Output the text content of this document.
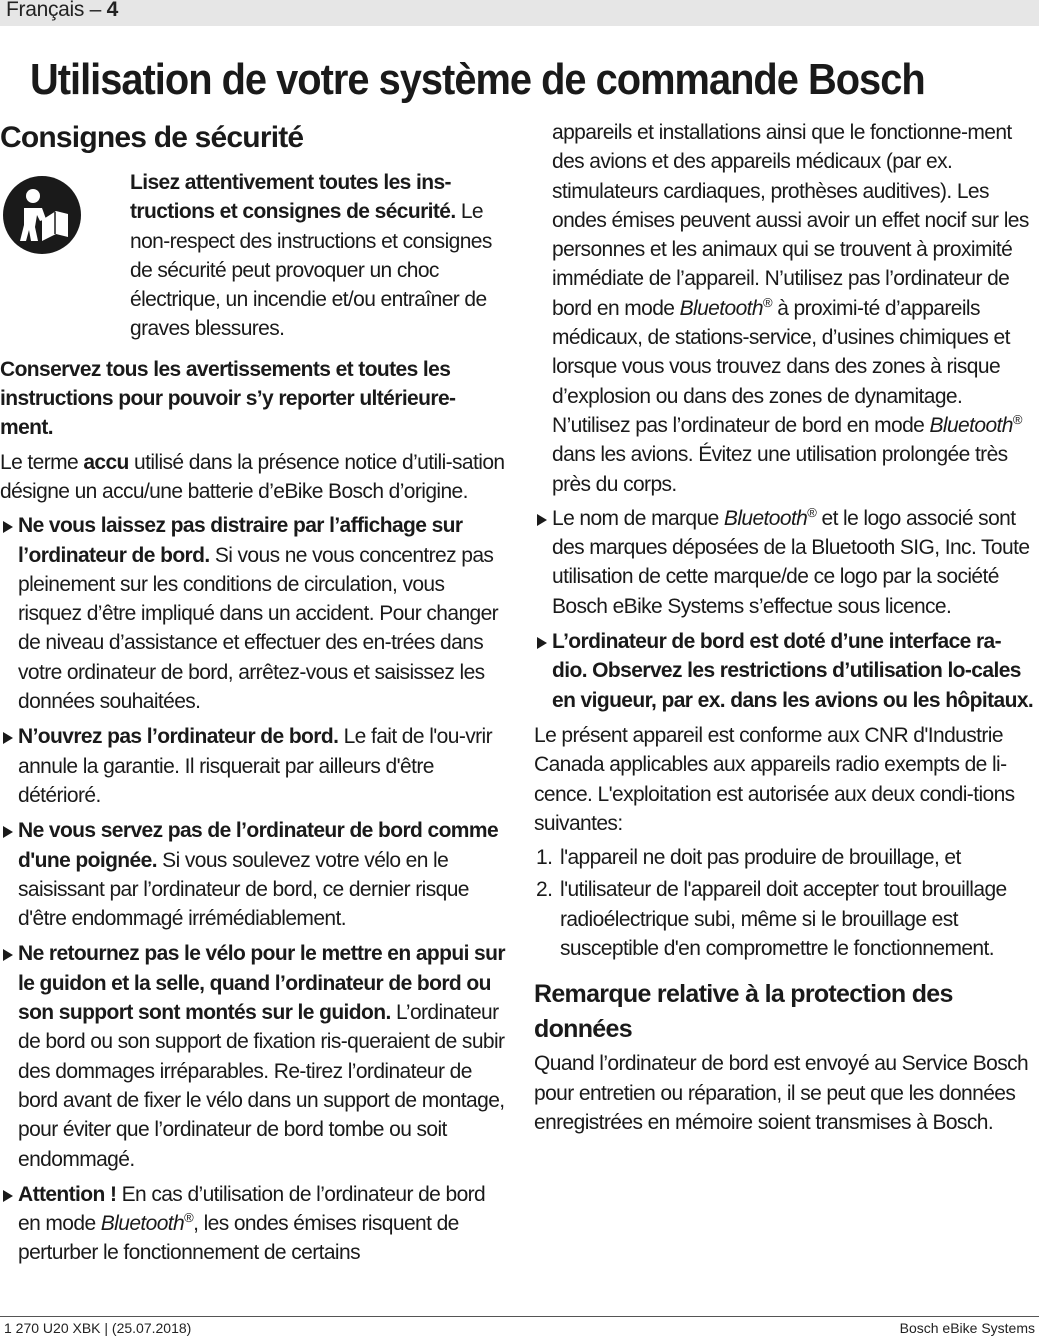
Français – 4
Utilisation de votre système de commande Bosch
Consignes de sécurité

Lisez attentivement toutes les ins-tructions et consignes de sécurité. Le non-respect des instructions et consignes de sécurité peut provoquer un choc électrique, un incendie et/ou entraîner de graves blessures.

Conservez tous les avertissements et toutes les instructions pour pouvoir s’y reporter ultérieure-ment.

Le terme accu utilisé dans la présence notice d’utili-sation désigne un accu/une batterie d’eBike Bosch d’origine.

Ne vous laissez pas distraire par l’affichage sur l’ordinateur de bord. Si vous ne vous concentrez pas pleinement sur les conditions de circulation, vous risquez d’être impliqué dans un accident. Pour changer de niveau d’assistance et effectuer des en-trées dans votre ordinateur de bord, arrêtez-vous et saisissez les données souhaitées.
N’ouvrez pas l’ordinateur de bord. Le fait de l'ou-vrir annule la garantie. Il risquerait par ailleurs d'être détérioré.
Ne vous servez pas de l’ordinateur de bord comme d'une poignée. Si vous soulevez votre vélo en le saisissant par l’ordinateur de bord, ce dernier risque d'être endommagé irrémédiablement.
Ne retournez pas le vélo pour le mettre en appui sur le guidon et la selle, quand l’ordinateur de bord ou son support sont montés sur le guidon. L’ordinateur de bord ou son support de fixation ris-queraient de subir des dommages irréparables. Re-tirez l’ordinateur de bord avant de fixer le vélo dans un support de montage, pour éviter que l’ordinateur de bord tombe ou soit endommagé.
Attention ! En cas d’utilisation de l’ordinateur de bord en mode Bluetooth®, les ondes émises risquent de perturber le fonctionnement de certains

appareils et installations ainsi que le fonctionne-ment des avions et des appareils médicaux (par ex. stimulateurs cardiaques, prothèses auditives). Les ondes émises peuvent aussi avoir un effet nocif sur les personnes et les animaux qui se trouvent à proximité immédiate de l’appareil. N’utilisez pas l’ordinateur de bord en mode Bluetooth® à proximi-té d’appareils médicaux, de stations-service, d’usines chimiques et lorsque vous vous trouvez dans des zones à risque d’explosion ou dans des zones de dynamitage. N’utilisez pas l’ordinateur de bord en mode Bluetooth® dans les avions. Évitez une utilisation prolongée très près du corps.

Le nom de marque Bluetooth® et le logo associé sont des marques déposées de la Bluetooth SIG, Inc. Toute utilisation de cette marque/de ce logo par la société Bosch eBike Systems s’effectue sous licence.
L’ordinateur de bord est doté d’une interface ra-dio. Observez les restrictions d’utilisation lo-cales en vigueur, par ex. dans les avions ou les hôpitaux.

Le présent appareil est conforme aux CNR d'Industrie Canada applicables aux appareils radio exempts de li-cence. L'exploitation est autorisée aux deux condi-tions suivantes:

1. l'appareil ne doit pas produire de brouillage, et
2. l'utilisateur de l'appareil doit accepter tout brouillage radioélectrique subi, même si le brouillage est susceptible d'en compromettre le fonctionnement.
Remarque relative à la protection des données

Quand l’ordinateur de bord est envoyé au Service Bosch pour entretien ou réparation, il se peut que les données enregistrées en mémoire soient transmises à Bosch.

1 270 U20 XBK | (25.07.2018)	Bosch eBike Systems
